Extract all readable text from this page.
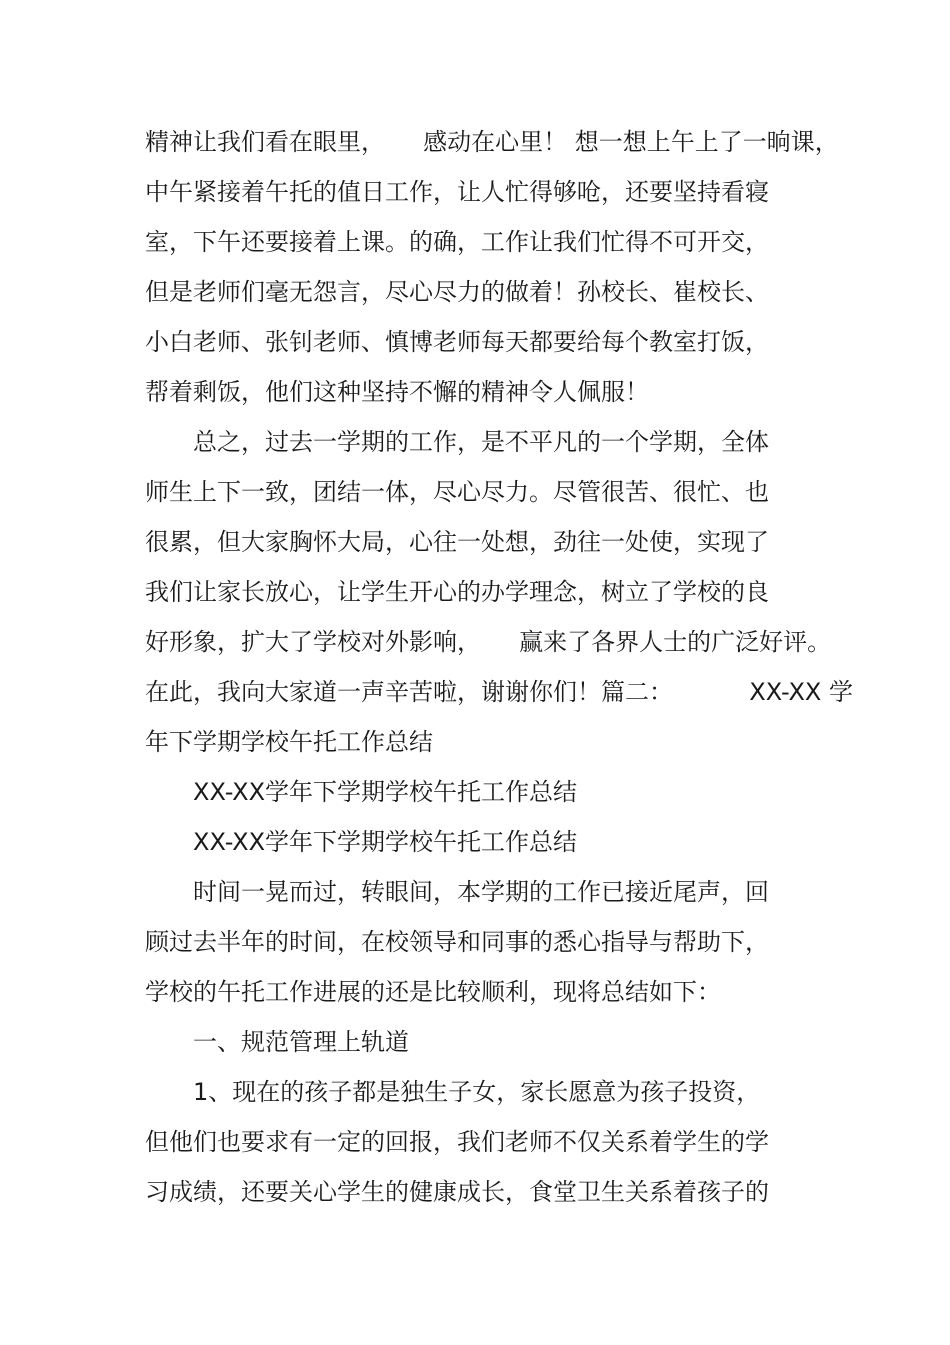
精神让我们看在眼里，     感动在心里！ 想一想上午上了一晌课，
中午紧接着午托的值日工作，让人忙得够呛，还要坚持看寝
室，下午还要接着上课。的确，工作让我们忙得不可开交，
但是老师们毫无怨言，尽心尽力的做着！孙校长、崔校长、
小白老师、张钊老师、慎博老师每天都要给每个教室打饭，
帮着剩饭，他们这种坚持不懈的精神令人佩服！
总之，过去一学期的工作，是不平凡的一个学期，全体
师生上下一致，团结一体，尽心尽力。尽管很苦、很忙、也
很累，但大家胸怀大局，心往一处想，劲往一处使，实现了
我们让家长放心，让学生开心的办学理念，树立了学校的良
好形象，扩大了学校对外影响，     赢来了各界人士的广泛好评。
在此，我向大家道一声辛苦啦，谢谢你们！篇二：          XX-XX 学
年下学期学校午托工作总结
XX-XX学年下学期学校午托工作总结
XX-XX学年下学期学校午托工作总结
时间一晃而过，转眼间，本学期的工作已接近尾声，回
顾过去半年的时间，在校领导和同事的悉心指导与帮助下，
学校的午托工作进展的还是比较顺利，现将总结如下：
一、规范管理上轨道
1、现在的孩子都是独生子女，家长愿意为孩子投资，
但他们也要求有一定的回报，我们老师不仅关系着学生的学
习成绩，还要关心学生的健康成长，食堂卫生关系着孩子的
